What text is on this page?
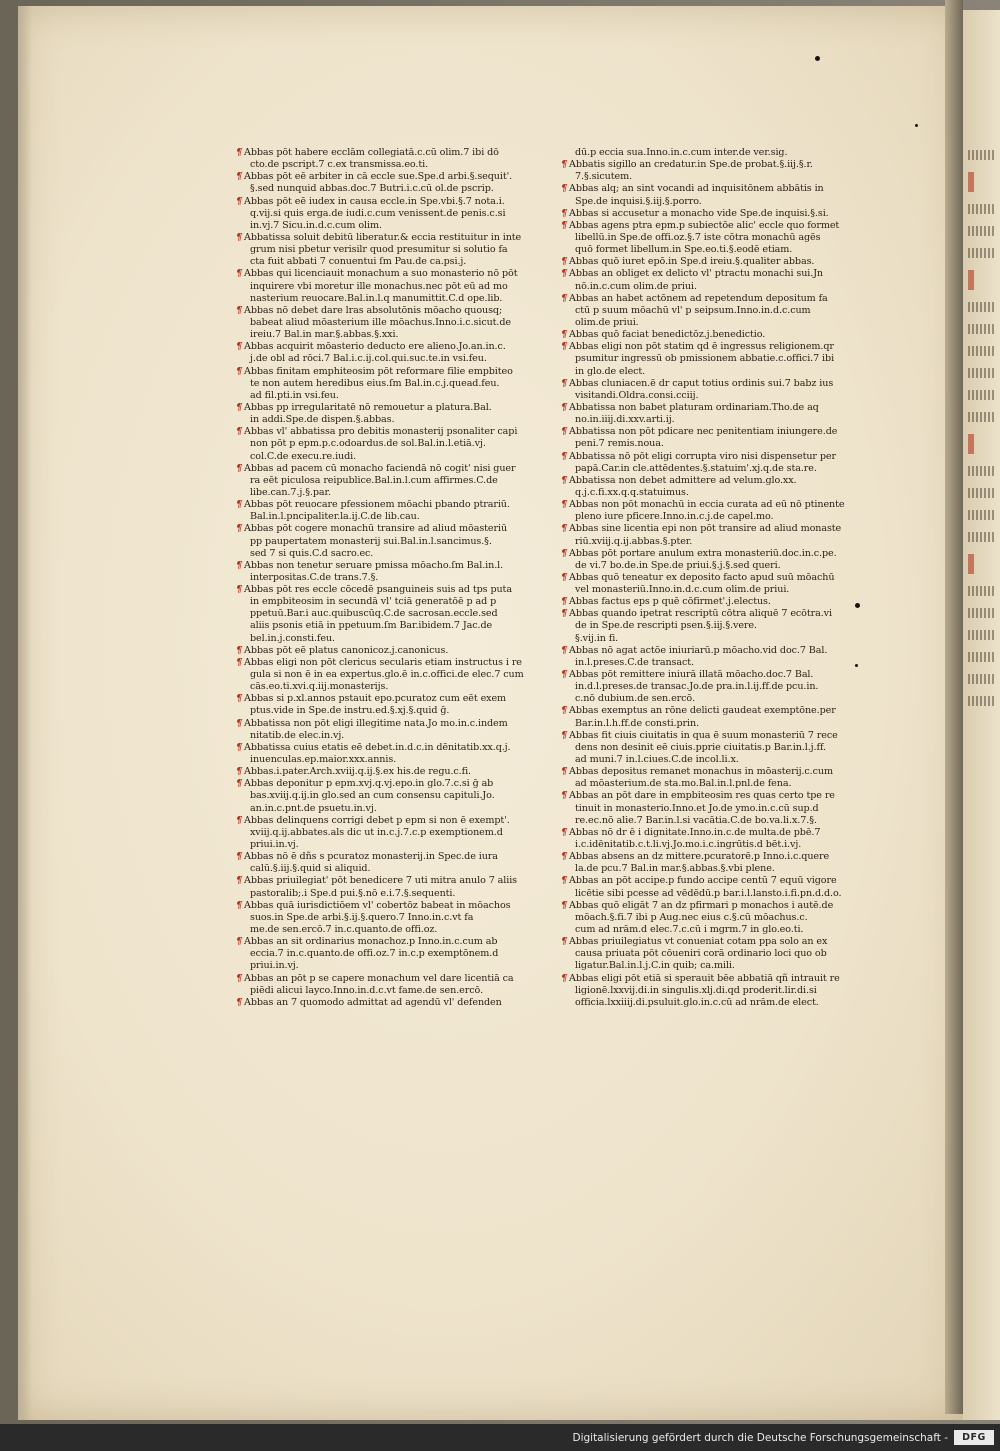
¶ Abbas pōt habere ecclām collegiatā.c.cū olim.7 ibi dō
cto.de pscript.7 c.ex transmissa.eo.ti.
¶ Abbas pōt eē arbiter in cā eccle sue.Spe.d arbi.§.sequit'.
§.sed nunquid abbas.doc.7 Butri.i.c.cū ol.de pscrip.
¶ Abbas pōt eē iudex in causa eccle.in Spe.vbi.§.7 nota.i.
q.vij.si quis erga.de iudi.c.cum venissent.de penis.c.si
in.vj.7 Sicu.in.d.c.cum olim.
¶ Abbatissa soluit debitū liberatur.& eccia restituitur in inte
grum nisi pbetur verisilr quod presumitur si solutio fa
cta fuit abbati 7 conuentui ſm Pau.de ca.psi.j.
¶ Abbas qui licenciauit monachum a suo monasterio nō pōt
inquirere vbi moretur ille monachus.nec pōt eū ad mo
nasterium reuocare.Bal.in.l.q manumittit.C.d ope.lib.
¶ Abbas nō debet dare lras absolutōnis mōacho quousq;
babeat aliud mōasterium ille mōachus.Inno.i.c.sicut.de
ireiu.7 Bal.in mar.§.abbas.§.xxi.
¶ Abbas acquirit mōasterio deducto ere alieno.Jo.an.in.c.
j.de obl ad rōci.7 Bal.i.c.ij.col.qui.suc.te.in vsi.feu.
¶ Abbas finitam emphiteosim pōt reformare filie empbiteo
te non autem heredibus eius.ſm Bal.in.c.j.quead.feu.
ad fil.pti.in vsi.feu.
¶ Abbas pp irregularitatē nō remouetur a platura.Bal.
in addi.Spe.de dispen.§.abbas.
¶ Abbas vl' abbatissa pro debitis monasterij psonaliter capi
non pōt p epm.p.c.odoardus.de sol.Bal.in.l.etiā.vj.
col.C.de execu.re.iudi.
¶ Abbas ad pacem cū monacho faciendā nō cogit' nisi guer
ra eēt piculosa reipublice.Bal.in.l.cum affirmes.C.de
libe.can.7.j.§.par.
¶ Abbas pōt reuocare pfessionem mōachi pbando ptrariū.
Bal.in.l.pncipaliter.la.ij.C.de lib.cau.
¶ Abbas pōt cogere monachū transire ad aliud mōasteriū
pp paupertatem monasterij sui.Bal.in.l.sancimus.§.
sed 7 si quis.C.d sacro.ec.
¶ Abbas non tenetur seruare pmissa mōacho.ſm Bal.in.l.
interpositas.C.de trans.7.§.
¶ Abbas pōt res eccle cōcedē psanguineis suis ad tps puta
in empbiteosim in secundā vl' tciā generatōē p ad p
ppetuū.Bar.i auc.quibuscūq.C.de sacrosan.eccle.sed
aliis psonis etiā in ppetuum.ſm Bar.ibidem.7 Jac.de
bel.in.j.consti.feu.
¶ Abbas pōt eē platus canonicoz.j.canonicus.
¶ Abbas eligi non pōt clericus secularis etiam instructus i re
gula si non ē in ea expertus.glo.ē in.c.offici.de elec.7 cum
cās.eo.ti.xvi.q.iij.monasterijs.
¶ Abbas si p.xl.annos pstauit epo.pcuratoz cum eēt exem
ptus.vide in Spe.de instru.ed.§.xj.§.quid ḡ.
¶ Abbatissa non pōt eligi illegitime nata.Jo mo.in.c.indem
nitatib.de elec.in.vj.
¶ Abbatissa cuius etatis eē debet.in.d.c.in dēnitatib.xx.q.j.
inuenculas.ep.maior.xxx.annis.
¶ Abbas.i.pater.Arch.xviij.q.ij.§.ex his.de regu.c.fi.
¶ Abbas deponitur p epm.xvj.q.vj.epo.in glo.7.c.si ḡ ab
bas.xviij.q.ij.in glo.sed an cum consensu capituli.Jo.
an.in.c.pnt.de psuetu.in.vj.
¶ Abbas delinquens corrigi debet p epm si non ē exempt'.
xviij.q.ij.abbates.als dic ut in.c.j.7.c.p exemptionem.d
priui.in.vj.
¶ Abbas nō ē dñs s pcuratoz monasterij.in Spec.de iura
calū.§.iij.§.quid si aliquid.
¶ Abbas priuilegiat' pōt benedicere 7 uti mitra anulo 7 aliis
pastoralib;.i Spe.d pui.§.nō e.i.7.§.sequenti.
¶ Abbas quā iurisdictiōem vl' cobertōz babeat in mōachos
suos.in Spe.de arbi.§.ij.§.quero.7 Inno.in.c.vt fa
me.de sen.ercō.7 in.c.quanto.de offi.oz.
¶ Abbas an sit ordinarius monachoz.p Inno.in.c.cum ab
eccia.7 in.c.quanto.de offi.oz.7 in.c.p exemptōnem.d
priui.in.vj.
¶ Abbas an pōt p se capere monachum vel dare licentiā ca
piēdi alicui layco.Inno.in.d.c.vt fame.de sen.ercō.
¶ Abbas an 7 quomodo admittat ad agendū vl' defenden
dū.p eccia sua.Inno.in.c.cum inter.de ver.sig.
¶ Abbatis sigillo an credatur.in Spe.de probat.§.iij.§.r.
7.§.sicutem.
¶ Abbas alq; an sint vocandi ad inquisitōnem abbātis in
Spe.de inquisi.§.iij.§.porro.
¶ Abbas si accusetur a monacho vide Spe.de inquisi.§.si.
¶ Abbas agens ptra epm.p subiectōe alic' eccle quo formet
libellū.in Spe.de offi.oz.§.7 iste cōtra monachū agēs
quō formet libellum.in Spe.eo.ti.§.eodē etiam.
¶ Abbas quō iuret epō.in Spe.d ireiu.§.qualiter abbas.
¶ Abbas an obliget ex delicto vl' ptractu monachi sui.Jn
nō.in.c.cum olim.de priui.
¶ Abbas an habet actōnem ad repetendum depositum fa
ctū p suum mōachū vl' p seipsum.Inno.in.d.c.cum
olim.de priui.
¶ Abbas quō faciat benedictōz.j.benedictio.
¶ Abbas eligi non pōt statim qd ē ingressus religionem.qr
psumitur ingressū ob pmissionem abbatie.c.offici.7 ibi
in glo.de elect.
¶ Abbas cluniacen.ē dr caput totius ordinis sui.7 babz ius
visitandi.Oldra.consi.cciij.
¶ Abbatissa non babet platuram ordinariam.Tho.de aq
no.in.iiij.di.xxv.arti.ij.
¶ Abbatissa non pōt pdicare nec penitentiam iniungere.de
peni.7 remis.noua.
¶ Abbatissa nō pōt eligi corrupta viro nisi dispensetur per
papā.Car.in cle.attēdentes.§.statuim'.xj.q.de sta.re.
¶ Abbatissa non debet admittere ad velum.glo.xx.
q.j.c.fi.xx.q.q.statuimus.
¶ Abbas non pōt monachū in eccia curata ad eū nō ptinente
pleno iure pficere.Inno.in.c.j.de capel.mo.
¶ Abbas sine licentia epi non pōt transire ad aliud monaste
riū.xviij.q.ij.abbas.§.pter.
¶ Abbas pōt portare anulum extra monasteriū.doc.in.c.pe.
de vi.7 bo.de.in Spe.de priui.§.j.§.sed queri.
¶ Abbas quō teneatur ex deposito facto apud suū mōachū
vel monasteriū.Inno.in.d.c.cum olim.de priui.
¶ Abbas factus eps p quē cōfirmet'.j.electus.
¶ Abbas quando ipetrat rescriptū cōtra aliquē 7 ecōtra.vi
de in Spe.de rescripti psen.§.iij.§.vere.
§.vij.in fi.
¶ Abbas nō agat actōe iniuriarū.p mōacho.vid doc.7 Bal.
in.l.preses.C.de transact.
¶ Abbas pōt remittere iniurā illatā mōacho.doc.7 Bal.
in.d.l.preses.de transac.Jo.de pra.in.l.ij.ff.de pcu.in.
c.nō dubium.de sen.ercō.
¶ Abbas exemptus an rōne delicti gaudeat exemptōne.per
Bar.in.l.h.ff.de consti.prin.
¶ Abbas fit ciuis ciuitatis in qua ē suum monasteriū 7 rece
dens non desinit eē ciuis.pprie ciuitatis.p Bar.in.l.j.ff.
ad muni.7 in.l.ciues.C.de incol.li.x.
¶ Abbas depositus remanet monachus in mōasterij.c.cum
ad mōasterium.de sta.mo.Bal.in.l.pnl.de fena.
¶ Abbas an pōt dare in empbiteosim res quas certo tpe re
tinuit in monasterio.Inno.et Jo.de ymo.in.c.cū sup.d
re.ec.nō alie.7 Bar.in.l.si vacātia.C.de bo.va.li.x.7.§.
¶ Abbas nō dr ē i dignitate.Inno.in.c.de multa.de pbē.7
i.c.idēnitatib.c.t.li.vj.Jo.mo.i.c.ingrūtis.d bēt.i.vj.
¶ Abbas absens an dz mittere.pcuratorē.p Inno.i.c.quere
la.de pcu.7 Bal.in mar.§.abbas.§.vbi plene.
¶ Abbas an pōt accipe.p fundo accipe centū 7 equū vigore
licētie sibi pcesse ad vēdēdū.p bar.i.l.lansto.i.fi.pn.d.d.o.
¶ Abbas quō eligāt 7 an dz pfirmari p monachos i autē.de
mōach.§.fi.7 ibi p Aug.nec eius c.§.cū mōachus.c.
cum ad nrām.d elec.7.c.cū i mgrm.7 in glo.eo.ti.
¶ Abbas priuilegiatus vt conueniat cotam ppa solo an ex
causa priuata pōt cōueniri corā ordinario loci quo ob
ligatur.Bal.in.l.j.C.in quib; ca.mili.
¶ Abbas eligi pōt etiā si sperauit bēe abbatiā qñ intrauit re
ligionē.lxxvij.di.in singulis.xlj.di.qd proderit.lir.di.si
officia.lxxiiij.di.psuluit.glo.in.c.cū ad nrām.de elect.
Digitalisierung gefördert durch die Deutsche Forschungsgemeinschaft -	DFG
